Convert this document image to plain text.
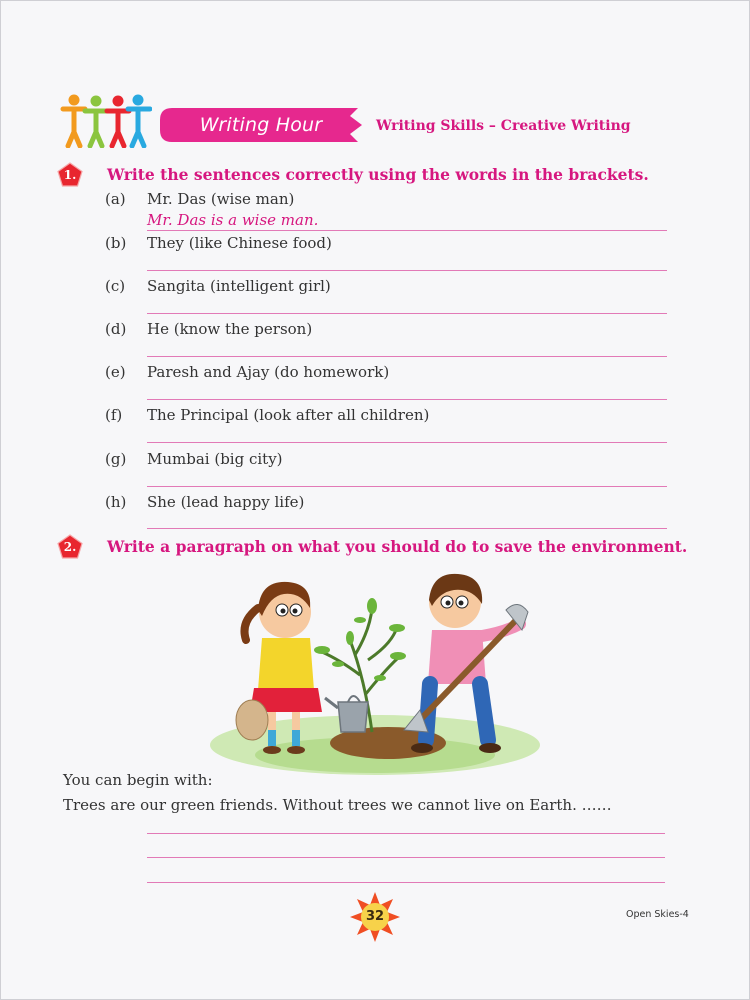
Writing Hour	Writing Skills – Creative Writing
1.	Write the sentences correctly using the words in the brackets.
(a) Mr. Das (wise man)
Mr. Das is a wise man.
(b) They (like Chinese food)
(c) Sangita (intelligent girl)
(d) He (know the person)
(e) Paresh and Ajay (do homework)
(f) The Principal (look after all children)
(g) Mumbai (big city)
(h) She (lead happy life)
2.	Write a paragraph on what you should do to save the environment.
You can begin with:
Trees are our green friends. Without trees we cannot live on Earth. ……
32	Open Skies-4
